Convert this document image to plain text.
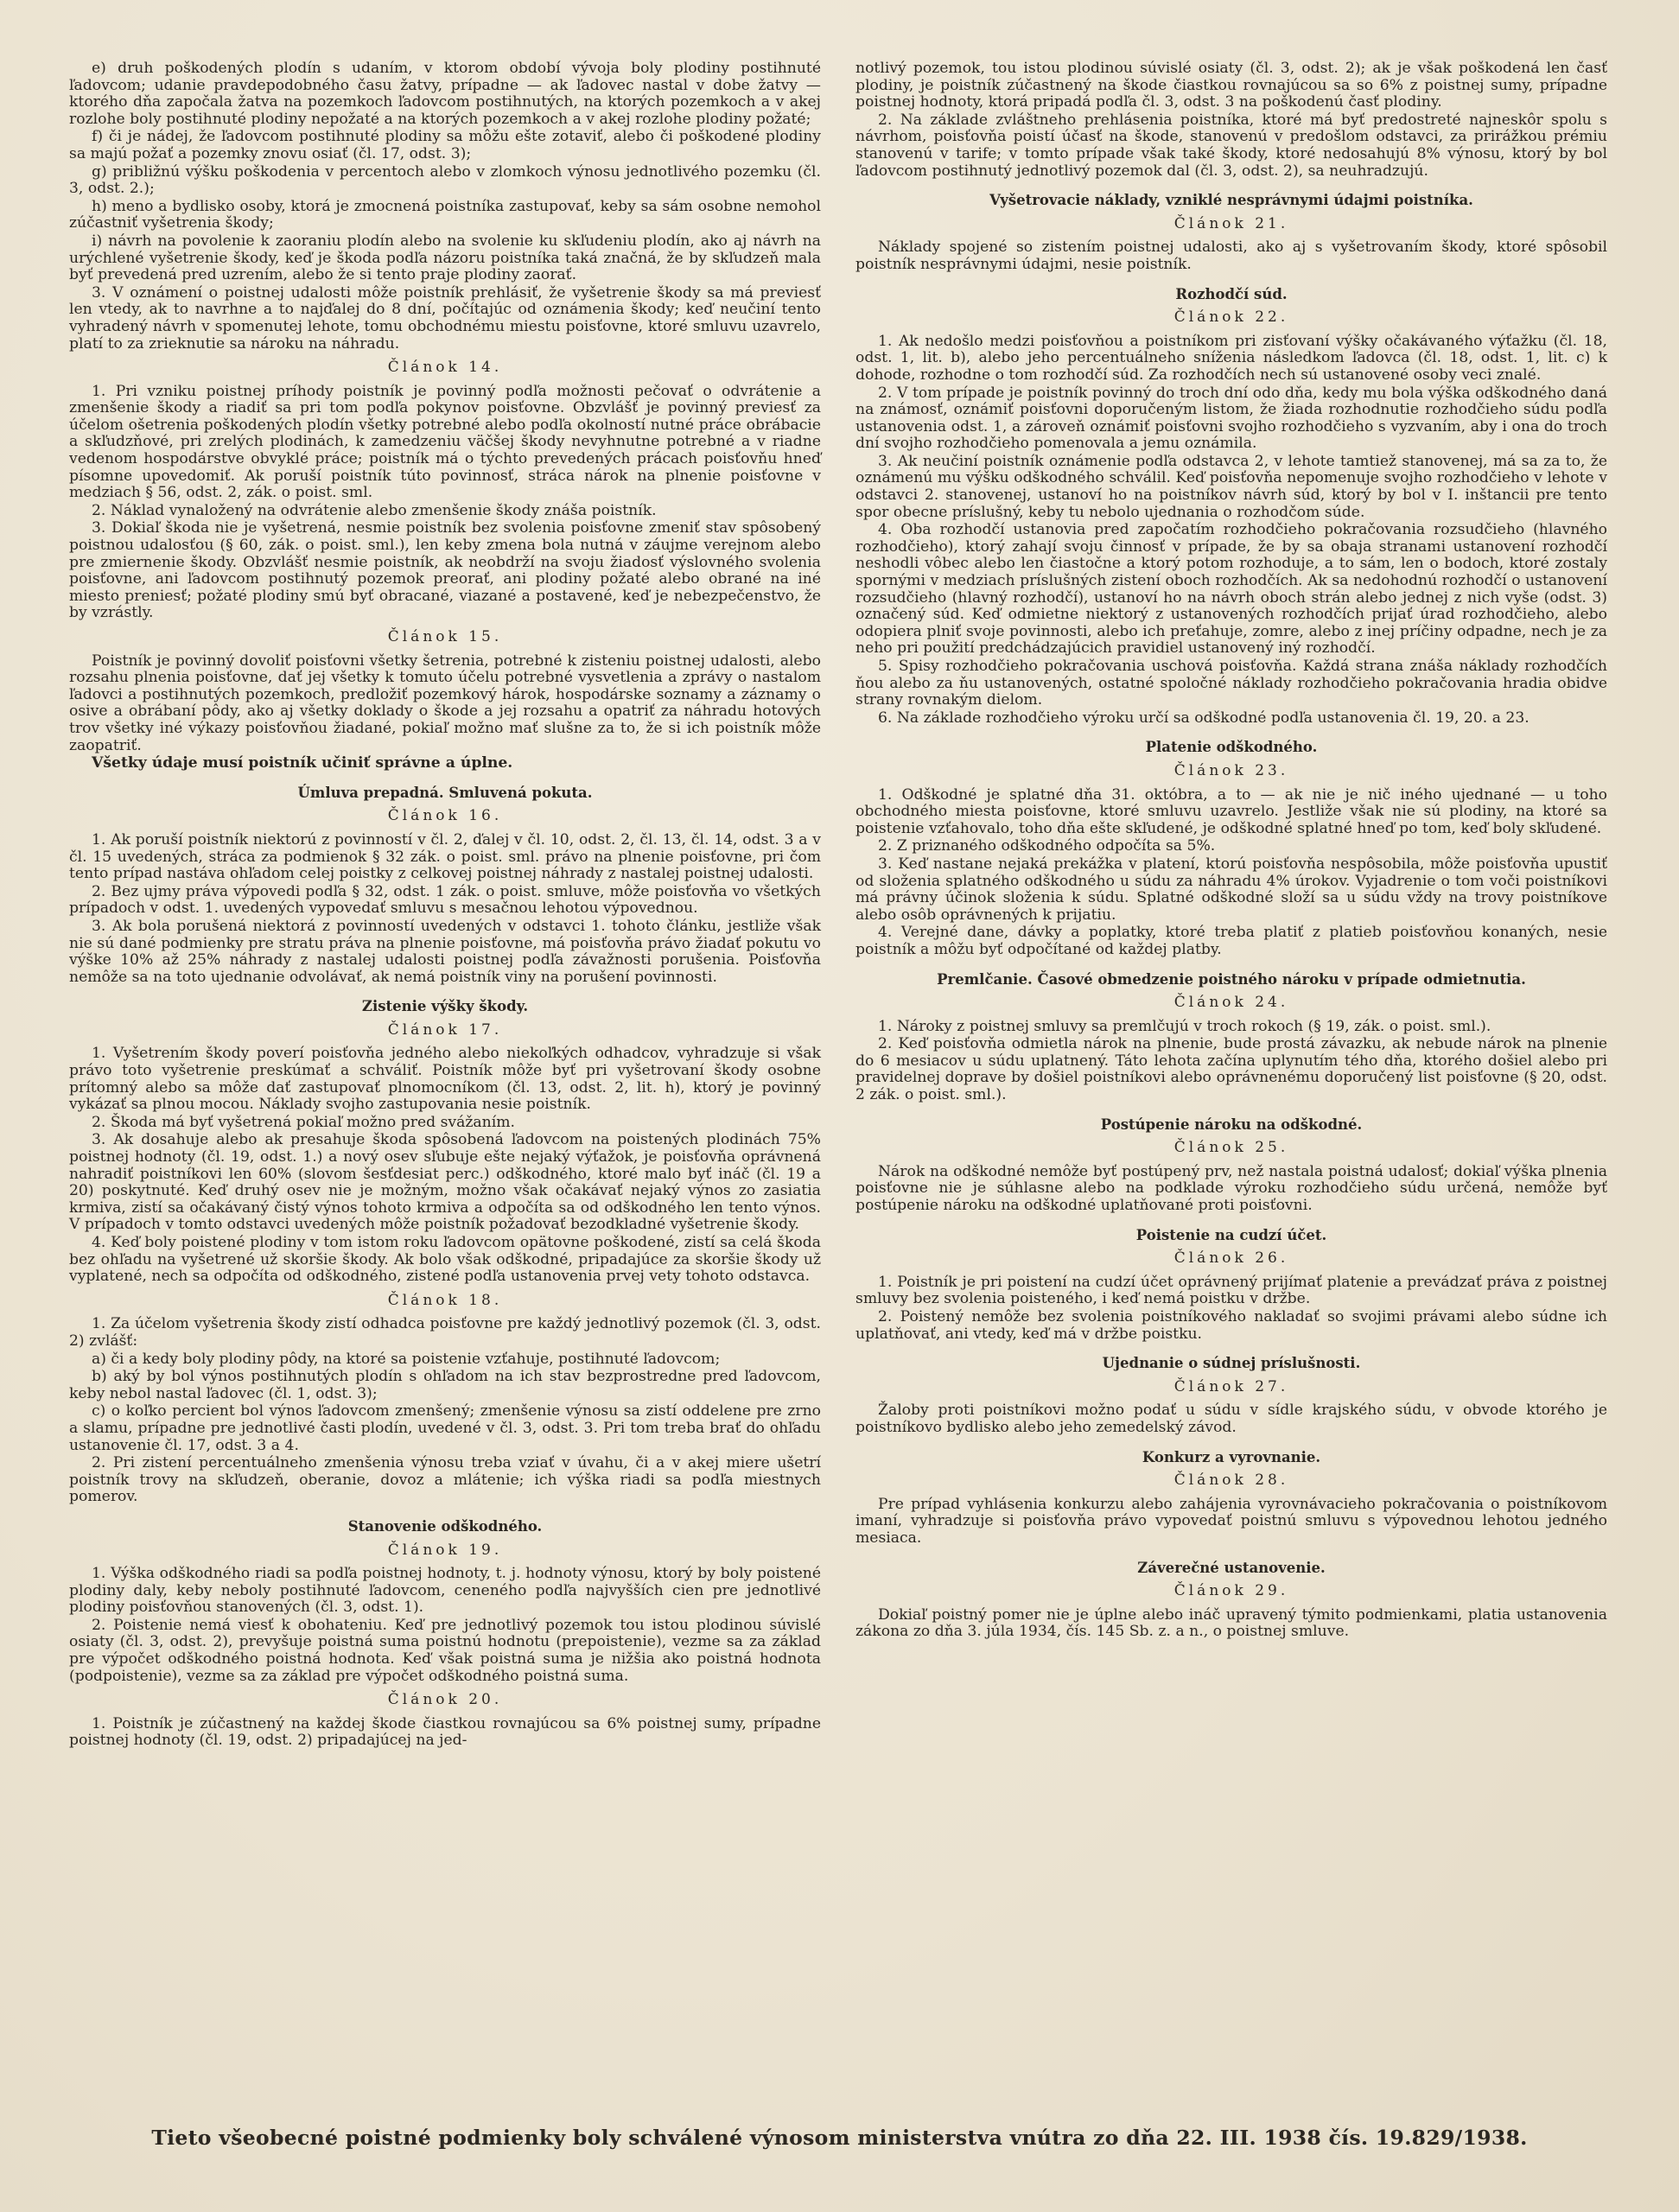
e) druh poškodených plodín s udaním, v ktorom období vývoja boly plodiny postihnuté ľadovcom; udanie pravdepodobného času žatvy, prípadne — ak ľadovec nastal v dobe žatvy — ktorého dňa započala žatva na pozemkoch ľadovcom postihnutých, na ktorých pozemkoch a v akej rozlohe boly postihnuté plodiny nepožaté a na ktorých pozemkoch a v akej rozlohe plodiny požaté;

f) či je nádej, že ľadovcom postihnuté plodiny sa môžu ešte zotaviť, alebo či poškodené plodiny sa majú požať a pozemky znovu osiať (čl. 17, odst. 3);

g) približnú výšku poškodenia v percentoch alebo v zlomkoch výnosu jednotlivého pozemku (čl. 3, odst. 2.);

h) meno a bydlisko osoby, ktorá je zmocnená poistníka zastupovať, keby sa sám osobne nemohol zúčastniť vyšetrenia škody;

i) návrh na povolenie k zaoraniu plodín alebo na svolenie ku skľudeniu plodín, ako aj návrh na urýchlené vyšetrenie škody, keď je škoda podľa názoru poistníka taká značná, že by skľudzeň mala byť prevedená pred uzrením, alebo že si tento praje plodiny zaorať.

3. V oznámení o poistnej udalosti môže poistník prehlásiť, že vyšetrenie škody sa má previesť len vtedy, ak to navrhne a to najďalej do 8 dní, počítajúc od oznámenia škody; keď neučiní tento vyhradený návrh v spomenutej lehote, tomu obchodnému miestu poisťovne, ktoré smluvu uzavrelo, platí to za zrieknutie sa nároku na náhradu.

Článok 14.

1. Pri vzniku poistnej príhody poistník je povinný podľa možnosti pečovať o odvrátenie a zmenšenie škody a riadiť sa pri tom podľa pokynov poisťovne. Obzvlášť je povinný previesť za účelom ošetrenia poškodených plodín všetky potrebné alebo podľa okolností nutné práce obrábacie a skľudzňové, pri zrelých plodinách, k zamedzeniu väčšej škody nevyhnutne potrebné a v riadne vedenom hospodárstve obvyklé práce; poistník má o týchto prevedených prácach poisťovňu hneď písomne upovedomiť. Ak poruší poistník túto povinnosť, stráca nárok na plnenie poisťovne v medziach § 56, odst. 2, zák. o poist. sml.

2. Náklad vynaložený na odvrátenie alebo zmenšenie škody znáša poistník.

3. Dokiaľ škoda nie je vyšetrená, nesmie poistník bez svolenia poisťovne zmeniť stav spôsobený poistnou udalosťou (§ 60, zák. o poist. sml.), len keby zmena bola nutná v záujme verejnom alebo pre zmiernenie škody. Obzvlášť nesmie poistník, ak neobdrží na svoju žiadosť výslovného svolenia poisťovne, ani ľadovcom postihnutý pozemok preorať, ani plodiny požaté alebo obrané na iné miesto preniesť; požaté plodiny smú byť obracané, viazané a postavené, keď je nebezpečenstvo, že by vzrástly.

Článok 15.

Poistník je povinný dovoliť poisťovni všetky šetrenia, potrebné k zisteniu poistnej udalosti, alebo rozsahu plnenia poisťovne, dať jej všetky k tomuto účelu potrebné vysvetlenia a zprávy o nastalom ľadovci a postihnutých pozemkoch, predložiť pozemkový hárok, hospodárske soznamy a záznamy o osive a obrábaní pôdy, ako aj všetky doklady o škode a jej rozsahu a opatriť za náhradu hotových trov všetky iné výkazy poisťovňou žiadané, pokiaľ možno mať slušne za to, že si ich poistník môže zaopatriť.

Všetky údaje musí poistník učiniť správne a úplne.

Úmluva prepadná. Smluvená pokuta.
Článok 16.

1. Ak poruší poistník niektorú z povinností v čl. 2, ďalej v čl. 10, odst. 2, čl. 13, čl. 14, odst. 3 a v čl. 15 uvedených, stráca za podmienok § 32 zák. o poist. sml. právo na plnenie poisťovne, pri čom tento prípad nastáva ohľadom celej poistky z celkovej poistnej náhrady z nastalej poistnej udalosti.

2. Bez ujmy práva výpovedi podľa § 32, odst. 1 zák. o poist. smluve, môže poisťovňa vo všetkých prípadoch v odst. 1. uvedených vypovedať smluvu s mesačnou lehotou výpovednou.

3. Ak bola porušená niektorá z povinností uvedených v odstavci 1. tohoto článku, jestliže však nie sú dané podmienky pre stratu práva na plnenie poisťovne, má poisťovňa právo žiadať pokutu vo výške 10% až 25% náhrady z nastalej udalosti poistnej podľa závažnosti porušenia. Poisťovňa nemôže sa na toto ujednanie odvolávať, ak nemá poistník viny na porušení povinnosti.

Zistenie výšky škody.
Článok 17.

1. Vyšetrením škody poverí poisťovňa jedného alebo niekoľkých odhadcov, vyhradzuje si však právo toto vyšetrenie preskúmať a schváliť. Poistník môže byť pri vyšetrovaní škody osobne prítomný alebo sa môže dať zastupovať plnomocníkom (čl. 13, odst. 2, lit. h), ktorý je povinný vykázať sa plnou mocou. Náklady svojho zastupovania nesie poistník.

2. Škoda má byť vyšetrená pokiaľ možno pred svážaním.

3. Ak dosahuje alebo ak presahuje škoda spôsobená ľadovcom na poistených plodinách 75% poistnej hodnoty (čl. 19, odst. 1.) a nový osev sľubuje ešte nejaký výťažok, je poisťovňa oprávnená nahradiť poistníkovi len 60% (slovom šesťdesiat perc.) odškodného, ktoré malo byť ináč (čl. 19 a 20) poskytnuté. Keď druhý osev nie je možným, možno však očakávať nejaký výnos zo zasiatia krmiva, zistí sa očakávaný čistý výnos tohoto krmiva a odpočíta sa od odškodného len tento výnos. V prípadoch v tomto odstavci uvedených môže poistník požadovať bezodkladné vyšetrenie škody.

4. Keď boly poistené plodiny v tom istom roku ľadovcom opätovne poškodené, zistí sa celá škoda bez ohľadu na vyšetrené už skoršie škody. Ak bolo však odškodné, pripadajúce za skoršie škody už vyplatené, nech sa odpočíta od odškodného, zistené podľa ustanovenia prvej vety tohoto odstavca.

Článok 18.

1. Za účelom vyšetrenia škody zistí odhadca poisťovne pre každý jednotlivý pozemok (čl. 3, odst. 2) zvlášť:

a) či a kedy boly plodiny pôdy, na ktoré sa poistenie vzťahuje, postihnuté ľadovcom;

b) aký by bol výnos postihnutých plodín s ohľadom na ich stav bezprostredne pred ľadovcom, keby nebol nastal ľadovec (čl. 1, odst. 3);

c) o koľko percient bol výnos ľadovcom zmenšený; zmenšenie výnosu sa zistí oddelene pre zrno a slamu, prípadne pre jednotlivé časti plodín, uvedené v čl. 3, odst. 3. Pri tom treba brať do ohľadu ustanovenie čl. 17, odst. 3 a 4.

2. Pri zistení percentuálneho zmenšenia výnosu treba vziať v úvahu, či a v akej miere ušetrí poistník trovy na skľudzeň, oberanie, dovoz a mlátenie; ich výška riadi sa podľa miestnych pomerov.

Stanovenie odškodného.
Článok 19.

1. Výška odškodného riadi sa podľa poistnej hodnoty, t. j. hodnoty výnosu, ktorý by boly poistené plodiny daly, keby neboly postihnuté ľadovcom, ceneného podľa najvyšších cien pre jednotlivé plodiny poisťovňou stanovených (čl. 3, odst. 1).

2. Poistenie nemá viesť k obohateniu. Keď pre jednotlivý pozemok tou istou plodinou súvislé osiaty (čl. 3, odst. 2), prevyšuje poistná suma poistnú hodnotu (prepoistenie), vezme sa za základ pre výpočet odškodného poistná hodnota. Keď však poistná suma je nižšia ako poistná hodnota (podpoistenie), vezme sa za základ pre výpočet odškodného poistná suma.

Článok 20.

1. Poistník je zúčastnený na každej škode čiastkou rovnajúcou sa 6% poistnej sumy, prípadne poistnej hodnoty (čl. 19, odst. 2) pripadajúcej na jed-

notlivý pozemok, tou istou plodinou súvislé osiaty (čl. 3, odst. 2); ak je však poškodená len časť plodiny, je poistník zúčastnený na škode čiastkou rovnajúcou sa so 6% z poistnej sumy, prípadne poistnej hodnoty, ktorá pripadá podľa čl. 3, odst. 3 na poškodenú časť plodiny.

2. Na základe zvláštneho prehlásenia poistníka, ktoré má byť predostreté najneskôr spolu s návrhom, poisťovňa poistí účasť na škode, stanovenú v predošlom odstavci, za prirážkou prémiu stanovenú v tarife; v tomto prípade však také škody, ktoré nedosahujú 8% výnosu, ktorý by bol ľadovcom postihnutý jednotlivý pozemok dal (čl. 3, odst. 2), sa neuhradzujú.

Vyšetrovacie náklady, vzniklé nesprávnymi údajmi poistníka.
Článok 21.

Náklady spojené so zistením poistnej udalosti, ako aj s vyšetrovaním škody, ktoré spôsobil poistník nesprávnymi údajmi, nesie poistník.

Rozhodčí súd.
Článok 22.

1. Ak nedošlo medzi poisťovňou a poistníkom pri zisťovaní výšky očakávaného výťažku (čl. 18, odst. 1, lit. b), alebo jeho percentuálneho sníženia následkom ľadovca (čl. 18, odst. 1, lit. c) k dohode, rozhodne o tom rozhodčí súd. Za rozhodčích nech sú ustanovené osoby veci znalé.

2. V tom prípade je poistník povinný do troch dní odo dňa, kedy mu bola výška odškodného daná na známosť, oznámiť poisťovni doporučeným listom, že žiada rozhodnutie rozhodčieho súdu podľa ustanovenia odst. 1, a zároveň oznámiť poisťovni svojho rozhodčieho s vyzvaním, aby i ona do troch dní svojho rozhodčieho pomenovala a jemu oznámila.

3. Ak neučiní poistník oznámenie podľa odstavca 2, v lehote tamtiež stanovenej, má sa za to, že oznámenú mu výšku odškodného schválil. Keď poisťovňa nepomenuje svojho rozhodčieho v lehote v odstavci 2. stanovenej, ustanoví ho na poistníkov návrh súd, ktorý by bol v I. inštancii pre tento spor obecne príslušný, keby tu nebolo ujednania o rozhodčom súde.

4. Oba rozhodčí ustanovia pred započatím rozhodčieho pokračovania rozsudčieho (hlavného rozhodčieho), ktorý zahají svoju činnosť v prípade, že by sa obaja stranami ustanovení rozhodčí neshodli vôbec alebo len čiastočne a ktorý potom rozhoduje, a to sám, len o bodoch, ktoré zostaly spornými v medziach príslušných zistení oboch rozhodčích. Ak sa nedohodnú rozhodčí o ustanovení rozsudčieho (hlavný rozhodčí), ustanoví ho na návrh oboch strán alebo jednej z nich vyše (odst. 3) označený súd. Keď odmietne niektorý z ustanovených rozhodčích prijať úrad rozhodčieho, alebo odopiera plniť svoje povinnosti, alebo ich preťahuje, zomre, alebo z inej príčiny odpadne, nech je za neho pri použití predchádzajúcich pravidiel ustanovený iný rozhodčí.

5. Spisy rozhodčieho pokračovania uschová poisťovňa. Každá strana znáša náklady rozhodčích ňou alebo za ňu ustanovených, ostatné spoločné náklady rozhodčieho pokračovania hradia obidve strany rovnakým dielom.

6. Na základe rozhodčieho výroku určí sa odškodné podľa ustanovenia čl. 19, 20. a 23.

Platenie odškodného.
Článok 23.

1. Odškodné je splatné dňa 31. októbra, a to — ak nie je nič iného ujednané — u toho obchodného miesta poisťovne, ktoré smluvu uzavrelo. Jestliže však nie sú plodiny, na ktoré sa poistenie vzťahovalo, toho dňa ešte skľudené, je odškodné splatné hneď po tom, keď boly skľudené.

2. Z priznaného odškodného odpočíta sa 5%.

3. Keď nastane nejaká prekážka v platení, ktorú poisťovňa nespôsobila, môže poisťovňa upustiť od složenia splatného odškodného u súdu za náhradu 4% úrokov. Vyjadrenie o tom voči poistníkovi má právny účinok složenia k súdu. Splatné odškodné složí sa u súdu vždy na trovy poistníkove alebo osôb oprávnených k prijatiu.

4. Verejné dane, dávky a poplatky, ktoré treba platiť z platieb poisťovňou konaných, nesie poistník a môžu byť odpočítané od každej platby.

Premlčanie. Časové obmedzenie poistného nároku v prípade odmietnutia.
Článok 24.

1. Nároky z poistnej smluvy sa premlčujú v troch rokoch (§ 19, zák. o poist. sml.).

2. Keď poisťovňa odmietla nárok na plnenie, bude prostá závazku, ak nebude nárok na plnenie do 6 mesiacov u súdu uplatnený. Táto lehota začína uplynutím tého dňa, ktorého došiel alebo pri pravidelnej doprave by došiel poistníkovi alebo oprávnenému doporučený list poisťovne (§ 20, odst. 2 zák. o poist. sml.).

Postúpenie nároku na odškodné.
Článok 25.

Nárok na odškodné nemôže byť postúpený prv, než nastala poistná udalosť; dokiaľ výška plnenia poisťovne nie je súhlasne alebo na podklade výroku rozhodčieho súdu určená, nemôže byť postúpenie nároku na odškodné uplatňované proti poisťovni.

Poistenie na cudzí účet.
Článok 26.

1. Poistník je pri poistení na cudzí účet oprávnený prijímať platenie a prevádzať práva z poistnej smluvy bez svolenia poisteného, i keď nemá poistku v držbe.

2. Poistený nemôže bez svolenia poistníkového nakladať so svojimi právami alebo súdne ich uplatňovať, ani vtedy, keď má v držbe poistku.

Ujednanie o súdnej príslušnosti.
Článok 27.

Žaloby proti poistníkovi možno podať u súdu v sídle krajského súdu, v obvode ktorého je poistníkovo bydlisko alebo jeho zemedelský závod.

Konkurz a vyrovnanie.
Článok 28.

Pre prípad vyhlásenia konkurzu alebo zahájenia vyrovnávacieho pokračovania o poistníkovom imaní, vyhradzuje si poisťovňa právo vypovedať poistnú smluvu s výpovednou lehotou jedného mesiaca.

Záverečné ustanovenie.
Článok 29.

Dokiaľ poistný pomer nie je úplne alebo ináč upravený týmito podmienkami, platia ustanovenia zákona zo dňa 3. júla 1934, čís. 145 Sb. z. a n., o poistnej smluve.

Tieto všeobecné poistné podmienky boly schválené výnosom ministerstva vnútra zo dňa 22. III. 1938 čís. 19.829/1938.
